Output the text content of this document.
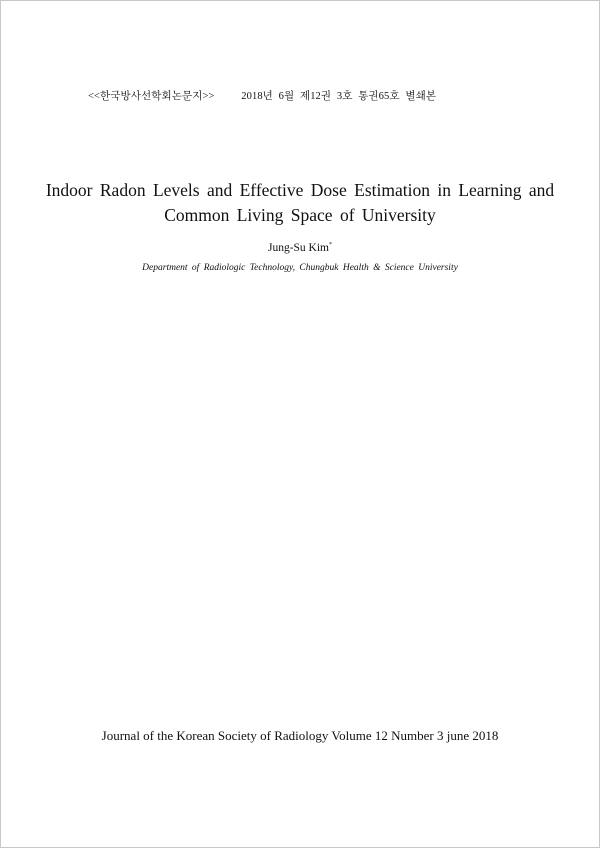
<<한국방사선학회논문지>>	2018년 6월 제12권 3호 통권65호 별쇄본
Indoor Radon Levels and Effective Dose Estimation in Learning and
Common Living Space of University
Jung-Su Kim*
Department of Radiologic Technology, Chungbuk Health & Science University
Journal of the Korean Society of Radiology Volume 12 Number 3 june 2018
